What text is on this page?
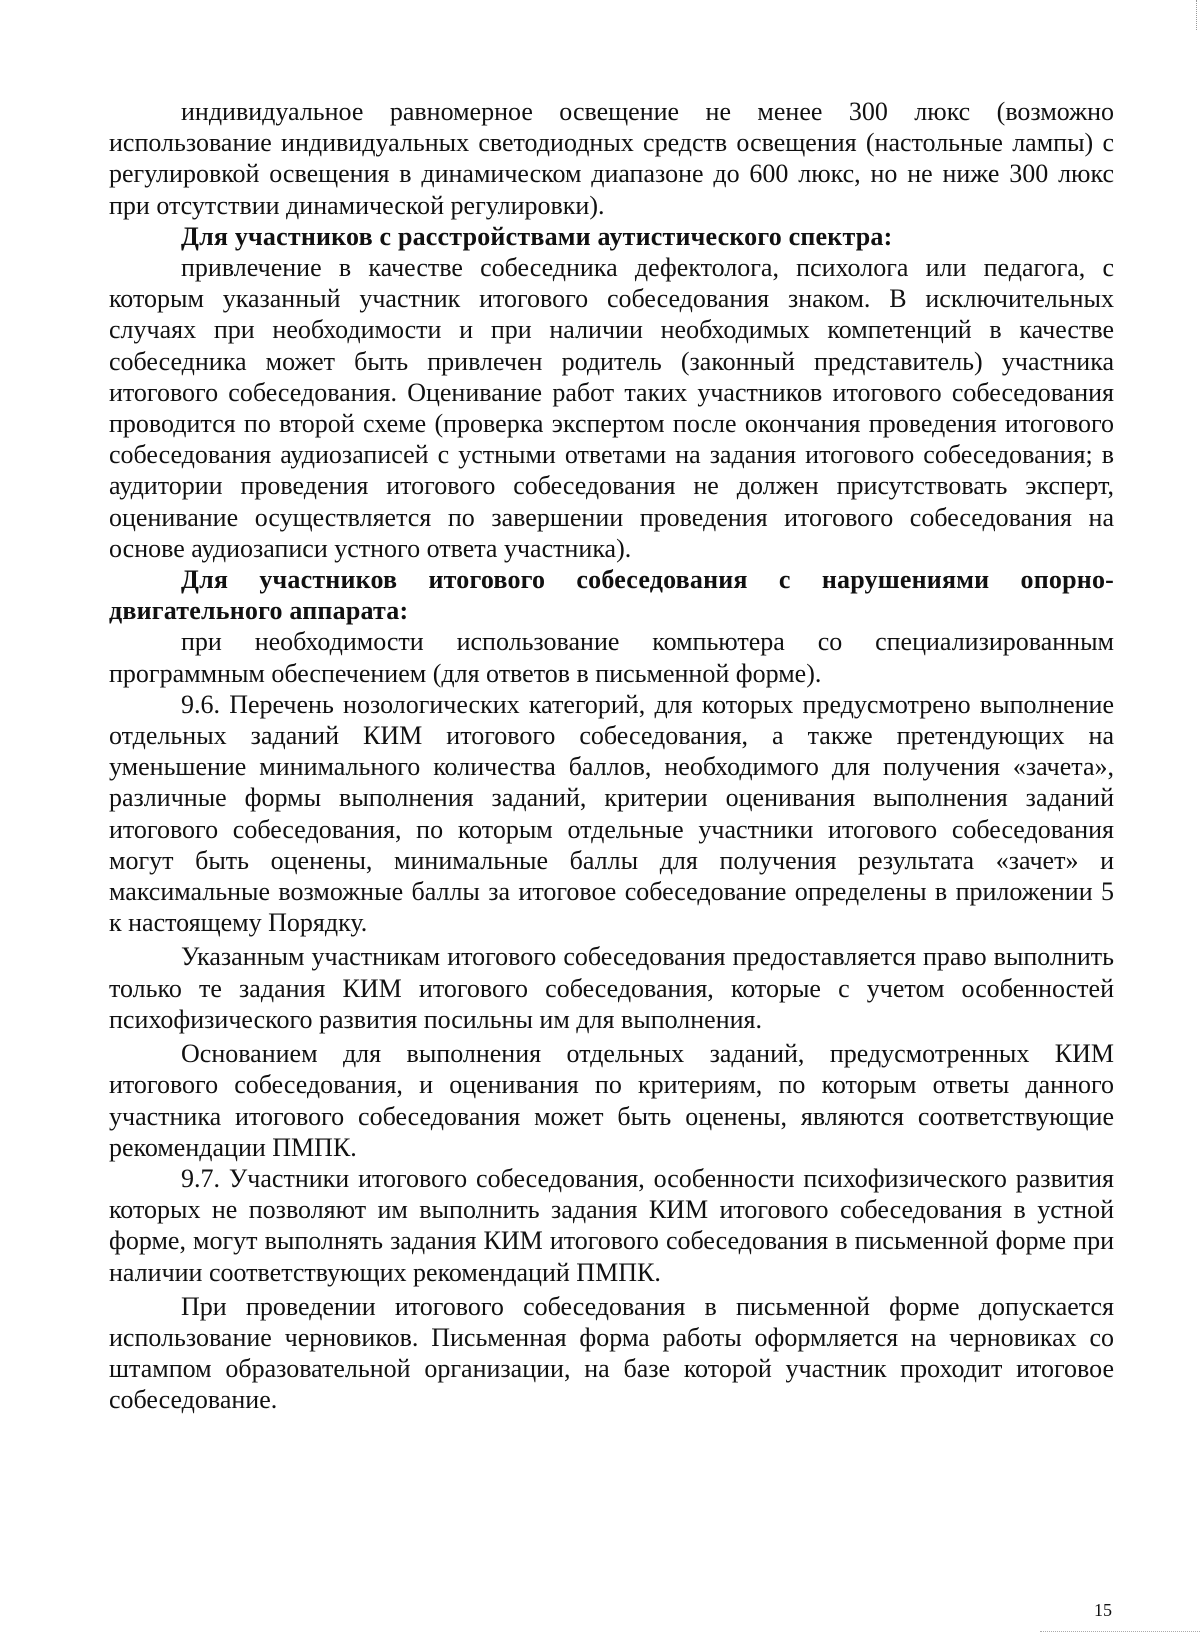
индивидуальное равномерное освещение не менее 300 люкс (возможно использование индивидуальных светодиодных средств освещения (настольные лампы) с регулировкой освещения в динамическом диапазоне до 600 люкс, но не ниже 300 люкс при отсутствии динамической регулировки).

Для участников с расстройствами аутистического спектра:

привлечение в качестве собеседника дефектолога, психолога или педагога, с которым указанный участник итогового собеседования знаком. В исключительных случаях при необходимости и при наличии необходимых компетенций в качестве собеседника может быть привлечен родитель (законный представитель) участника итогового собеседования. Оценивание работ таких участников итогового собеседования проводится по второй схеме (проверка экспертом после окончания проведения итогового собеседования аудиозаписей с устными ответами на задания итогового собеседования; в аудитории проведения итогового собеседования не должен присутствовать эксперт, оценивание осуществляется по завершении проведения итогового собеседования на основе аудиозаписи устного ответа участника).

Для участников итогового собеседования с нарушениями опорно-двигательного аппарата:

при необходимости использование компьютера со специализированным программным обеспечением (для ответов в письменной форме).

9.6. Перечень нозологических категорий, для которых предусмотрено выполнение отдельных заданий КИМ итогового собеседования, а также претендующих на уменьшение минимального количества баллов, необходимого для получения «зачета», различные формы выполнения заданий, критерии оценивания выполнения заданий итогового собеседования, по которым отдельные участники итогового собеседования могут быть оценены, минимальные баллы для получения результата «зачет» и максимальные возможные баллы за итоговое собеседование определены в приложении 5 к настоящему Порядку.

Указанным участникам итогового собеседования предоставляется право выполнить только те задания КИМ итогового собеседования, которые с учетом особенностей психофизического развития посильны им для выполнения.

Основанием для выполнения отдельных заданий, предусмотренных КИМ итогового собеседования, и оценивания по критериям, по которым ответы данного участника итогового собеседования может быть оценены, являются соответствующие рекомендации ПМПК.

9.7. Участники итогового собеседования, особенности психофизического развития которых не позволяют им выполнить задания КИМ итогового собеседования в устной форме, могут выполнять задания КИМ итогового собеседования в письменной форме при наличии соответствующих рекомендаций ПМПК.

При проведении итогового собеседования в письменной форме допускается использование черновиков. Письменная форма работы оформляется на черновиках со штампом образовательной организации, на базе которой участник проходит итоговое собеседование.

15
